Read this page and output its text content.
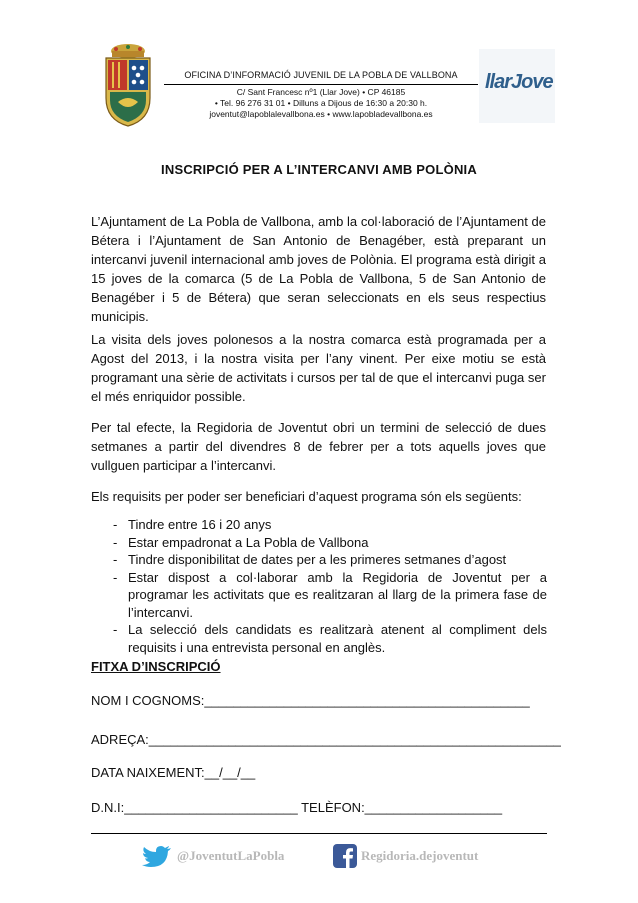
OFICINA D’INFORMACIÓ JUVENIL DE LA POBLA DE VALLBONA
C/ Sant Francesc nº1 (Llar Jove) • CP 46185
• Tel. 96 276 31 01 • Dilluns a Dijous de 16:30 a 20:30 h.
joventut@lapoblalevallbona.es • www.lapobladevallbona.es
llarJove
INSCRIPCIÓ PER A L’INTERCANVI AMB POLÒNIA
L’Ajuntament de La Pobla de Vallbona, amb la col·laboració de l’Ajuntament de Bétera i l’Ajuntament de San Antonio de Benagéber, està preparant un intercanvi juvenil internacional amb joves de Polònia. El programa està dirigit a 15 joves de la comarca (5 de La Pobla de Vallbona, 5 de San Antonio de Benagéber i 5 de Bétera) que seran seleccionats en els seus respectius municipis.
La visita dels joves polonesos a la nostra comarca està programada per a Agost del 2013, i la nostra visita per l’any vinent. Per eixe motiu se està programant una sèrie de activitats i cursos per tal de que el intercanvi puga ser el més enriquidor possible.
Per tal efecte, la Regidoria de Joventut obri un termini de selecció de dues setmanes a partir del divendres 8 de febrer per a tots aquells joves que vullguen participar a l’intercanvi.
Els requisits per poder ser beneficiari d’aquest programa són els següents:
- Tindre entre 16 i 20 anys
- Estar empadronat a La Pobla de Vallbona
- Tindre disponibilitat de dates per a les primeres setmanes d’agost
- Estar dispost a col·laborar amb la Regidoria de Joventut per a programar les activitats que es realitzaran al llarg de la primera fase de l’intercanvi.
- La selecció dels candidats es realitzarà atenent al compliment dels requisits i una entrevista personal en anglès.
FITXA D’INSCRIPCIÓ
NOM I COGNOMS:_____________________________________________
ADREÇA:_________________________________________________________
DATA NAIXEMENT:__/__/__
D.N.I:________________________ TELÈFON:___________________
@JoventutLaPobla	Regidoria.dejoventut
